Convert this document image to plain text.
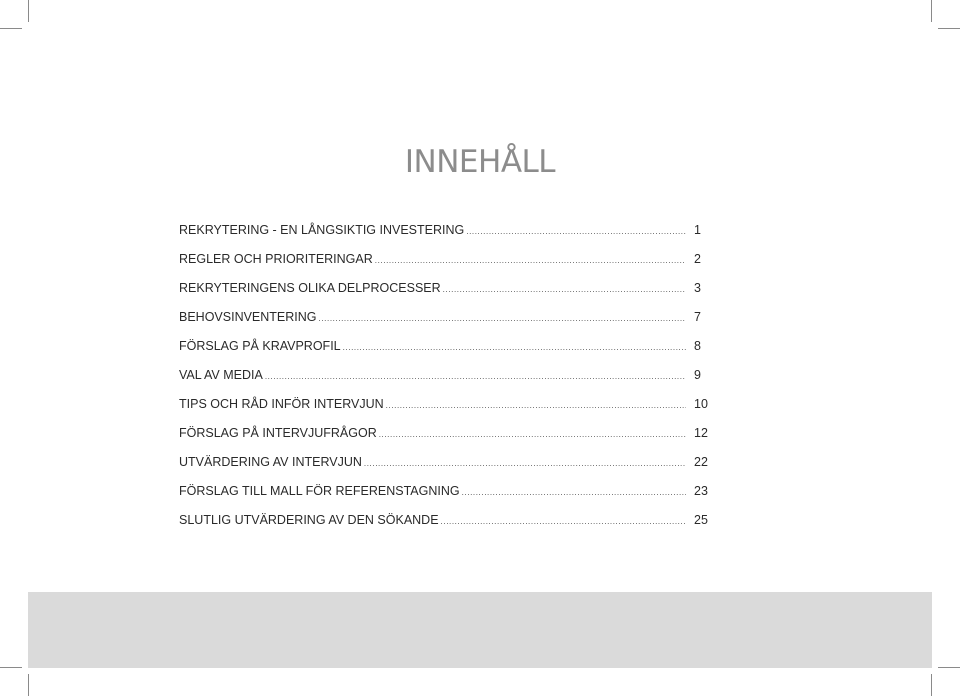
INNEHÅLL
REKRYTERING - EN LÅNGSIKTIG INVESTERING .....	1
REGLER OCH PRIORITERINGAR .....	2
REKRYTERINGENS OLIKA DELPROCESSER .....	3
BEHOVSINVENTERING .....	7
FÖRSLAG PÅ KRAVPROFIL .....	8
VAL AV MEDIA .....	9
TIPS OCH RÅD INFÖR INTERVJUN .....	10
FÖRSLAG PÅ INTERVJUFRÅGOR .....	12
UTVÄRDERING AV INTERVJUN .....	22
FÖRSLAG TILL MALL FÖR REFERENSTAGNING .....	23
SLUTLIG UTVÄRDERING AV DEN SÖKANDE .....	25
